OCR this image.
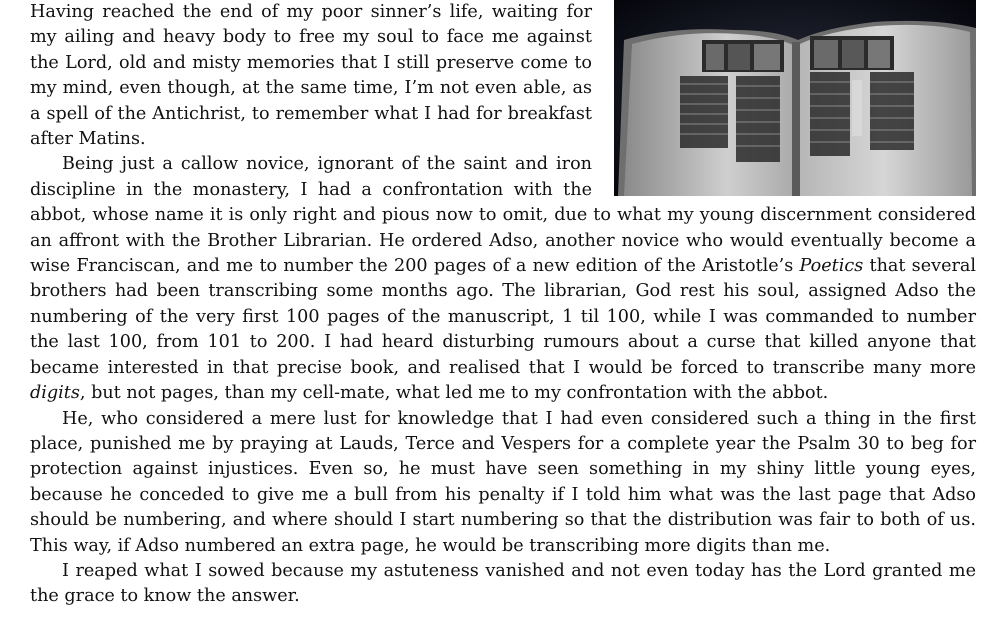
Having reached the end of my poor sinner’s life, waiting for my ailing and heavy body to free my soul to face me against the Lord, old and misty memories that I still preserve come to my mind, even though, at the same time, I’m not even able, as a spell of the Antichrist, to remember what I had for breakfast after Matins.

Being just a callow novice, ignorant of the saint and iron discipline in the monastery, I had a confrontation with the abbot, whose name it is only right and pious now to omit, due to what my young discernment considered an affront with the Brother Librarian. He ordered Adso, another novice who would eventually become a wise Franciscan, and me to number the 200 pages of a new edition of the Aristotle’s Poetics that several brothers had been transcribing some months ago. The librarian, God rest his soul, assigned Adso the numbering of the very first 100 pages of the manuscript, 1 til 100, while I was commanded to number the last 100, from 101 to 200. I had heard disturbing rumours about a curse that killed anyone that became interested in that precise book, and realised that I would be forced to transcribe many more digits, but not pages, than my cell-mate, what led me to my confrontation with the abbot.

He, who considered a mere lust for knowledge that I had even considered such a thing in the first place, punished me by praying at Lauds, Terce and Vespers for a complete year the Psalm 30 to beg for protection against injustices. Even so, he must have seen something in my shiny little young eyes, because he conceded to give me a bull from his penalty if I told him what was the last page that Adso should be numbering, and where should I start numbering so that the distribution was fair to both of us. This way, if Adso numbered an extra page, he would be transcribing more digits than me.

I reaped what I sowed because my astuteness vanished and not even today has the Lord granted me the grace to know the answer.
